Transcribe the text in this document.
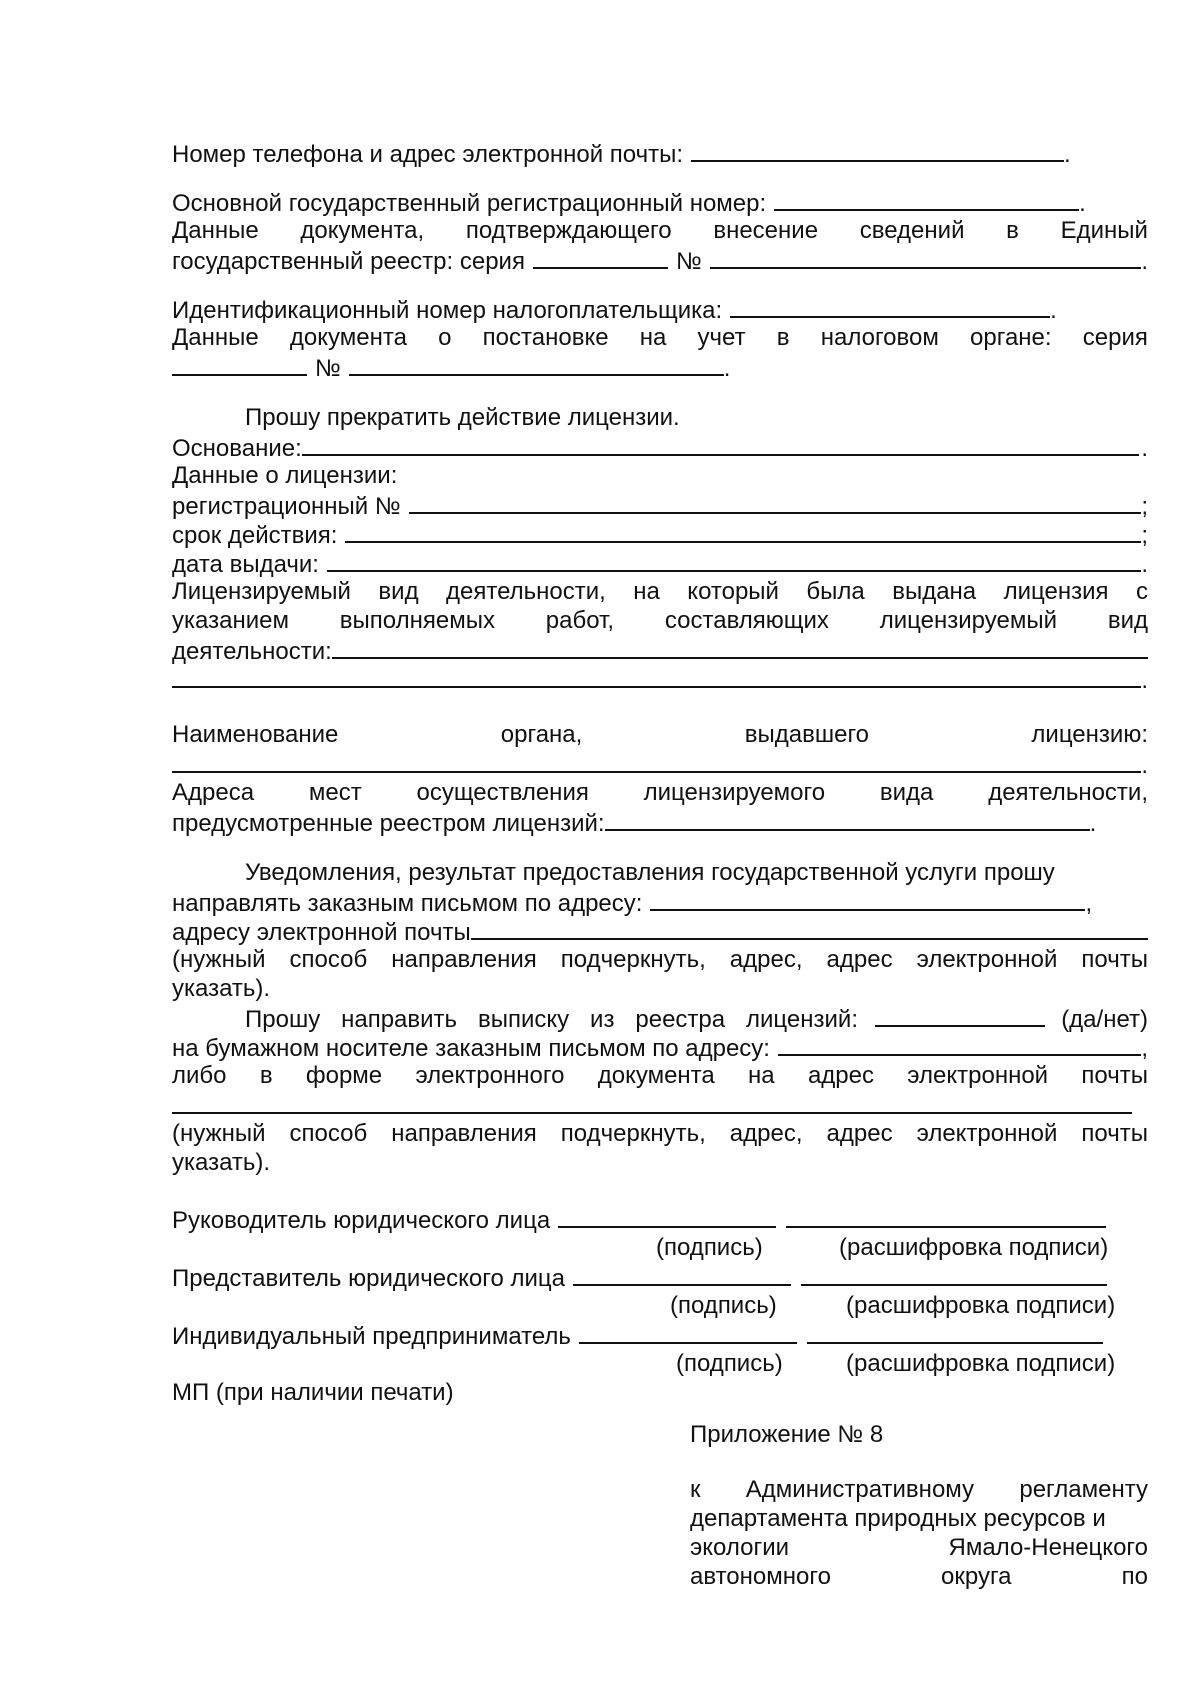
Номер телефона и адрес электронной почты:	.
Основной государственный регистрационный номер:	.
Данные документа, подтверждающего внесение сведений в Единый
государственный реестр: серия	№	.
Идентификационный номер налогоплательщика:	.
Данные документа о постановке на учет в налоговом органе: серия
№	.
Прошу прекратить действие лицензии.
Основание:	.
Данные о лицензии:
регистрационный №	;
срок действия:	;
дата выдачи:	.
Лицензируемый вид деятельности, на который была выдана лицензия с
указанием выполняемых работ, составляющих лицензируемый вид
деятельности:
.
Наименование	органа,	выдавшего	лицензию:
.
Адреса мест осуществления лицензируемого вида деятельности,
предусмотренные реестром лицензий:	.
Уведомления, результат предоставления государственной услуги прошу
направлять заказным письмом по адресу:	,
адресу электронной почты
(нужный способ направления подчеркнуть, адрес, адрес электронной почты
указать).
Прошу направить выписку из реестра лицензий:	(да/нет)
на бумажном носителе заказным письмом по адресу:	,
либо в форме электронного документа на адрес электронной почты
(нужный способ направления подчеркнуть, адрес, адрес электронной почты
указать).
Руководитель юридического лица
(подпись)	(расшифровка подписи)
Представитель юридического лица
(подпись)	(расшифровка подписи)
Индивидуальный предприниматель
(подпись)	(расшифровка подписи)
МП (при наличии печати)
Приложение № 8
к Административному регламенту
департамента природных ресурсов и
экологии	Ямало-Ненецкого
автономного	округа	по
